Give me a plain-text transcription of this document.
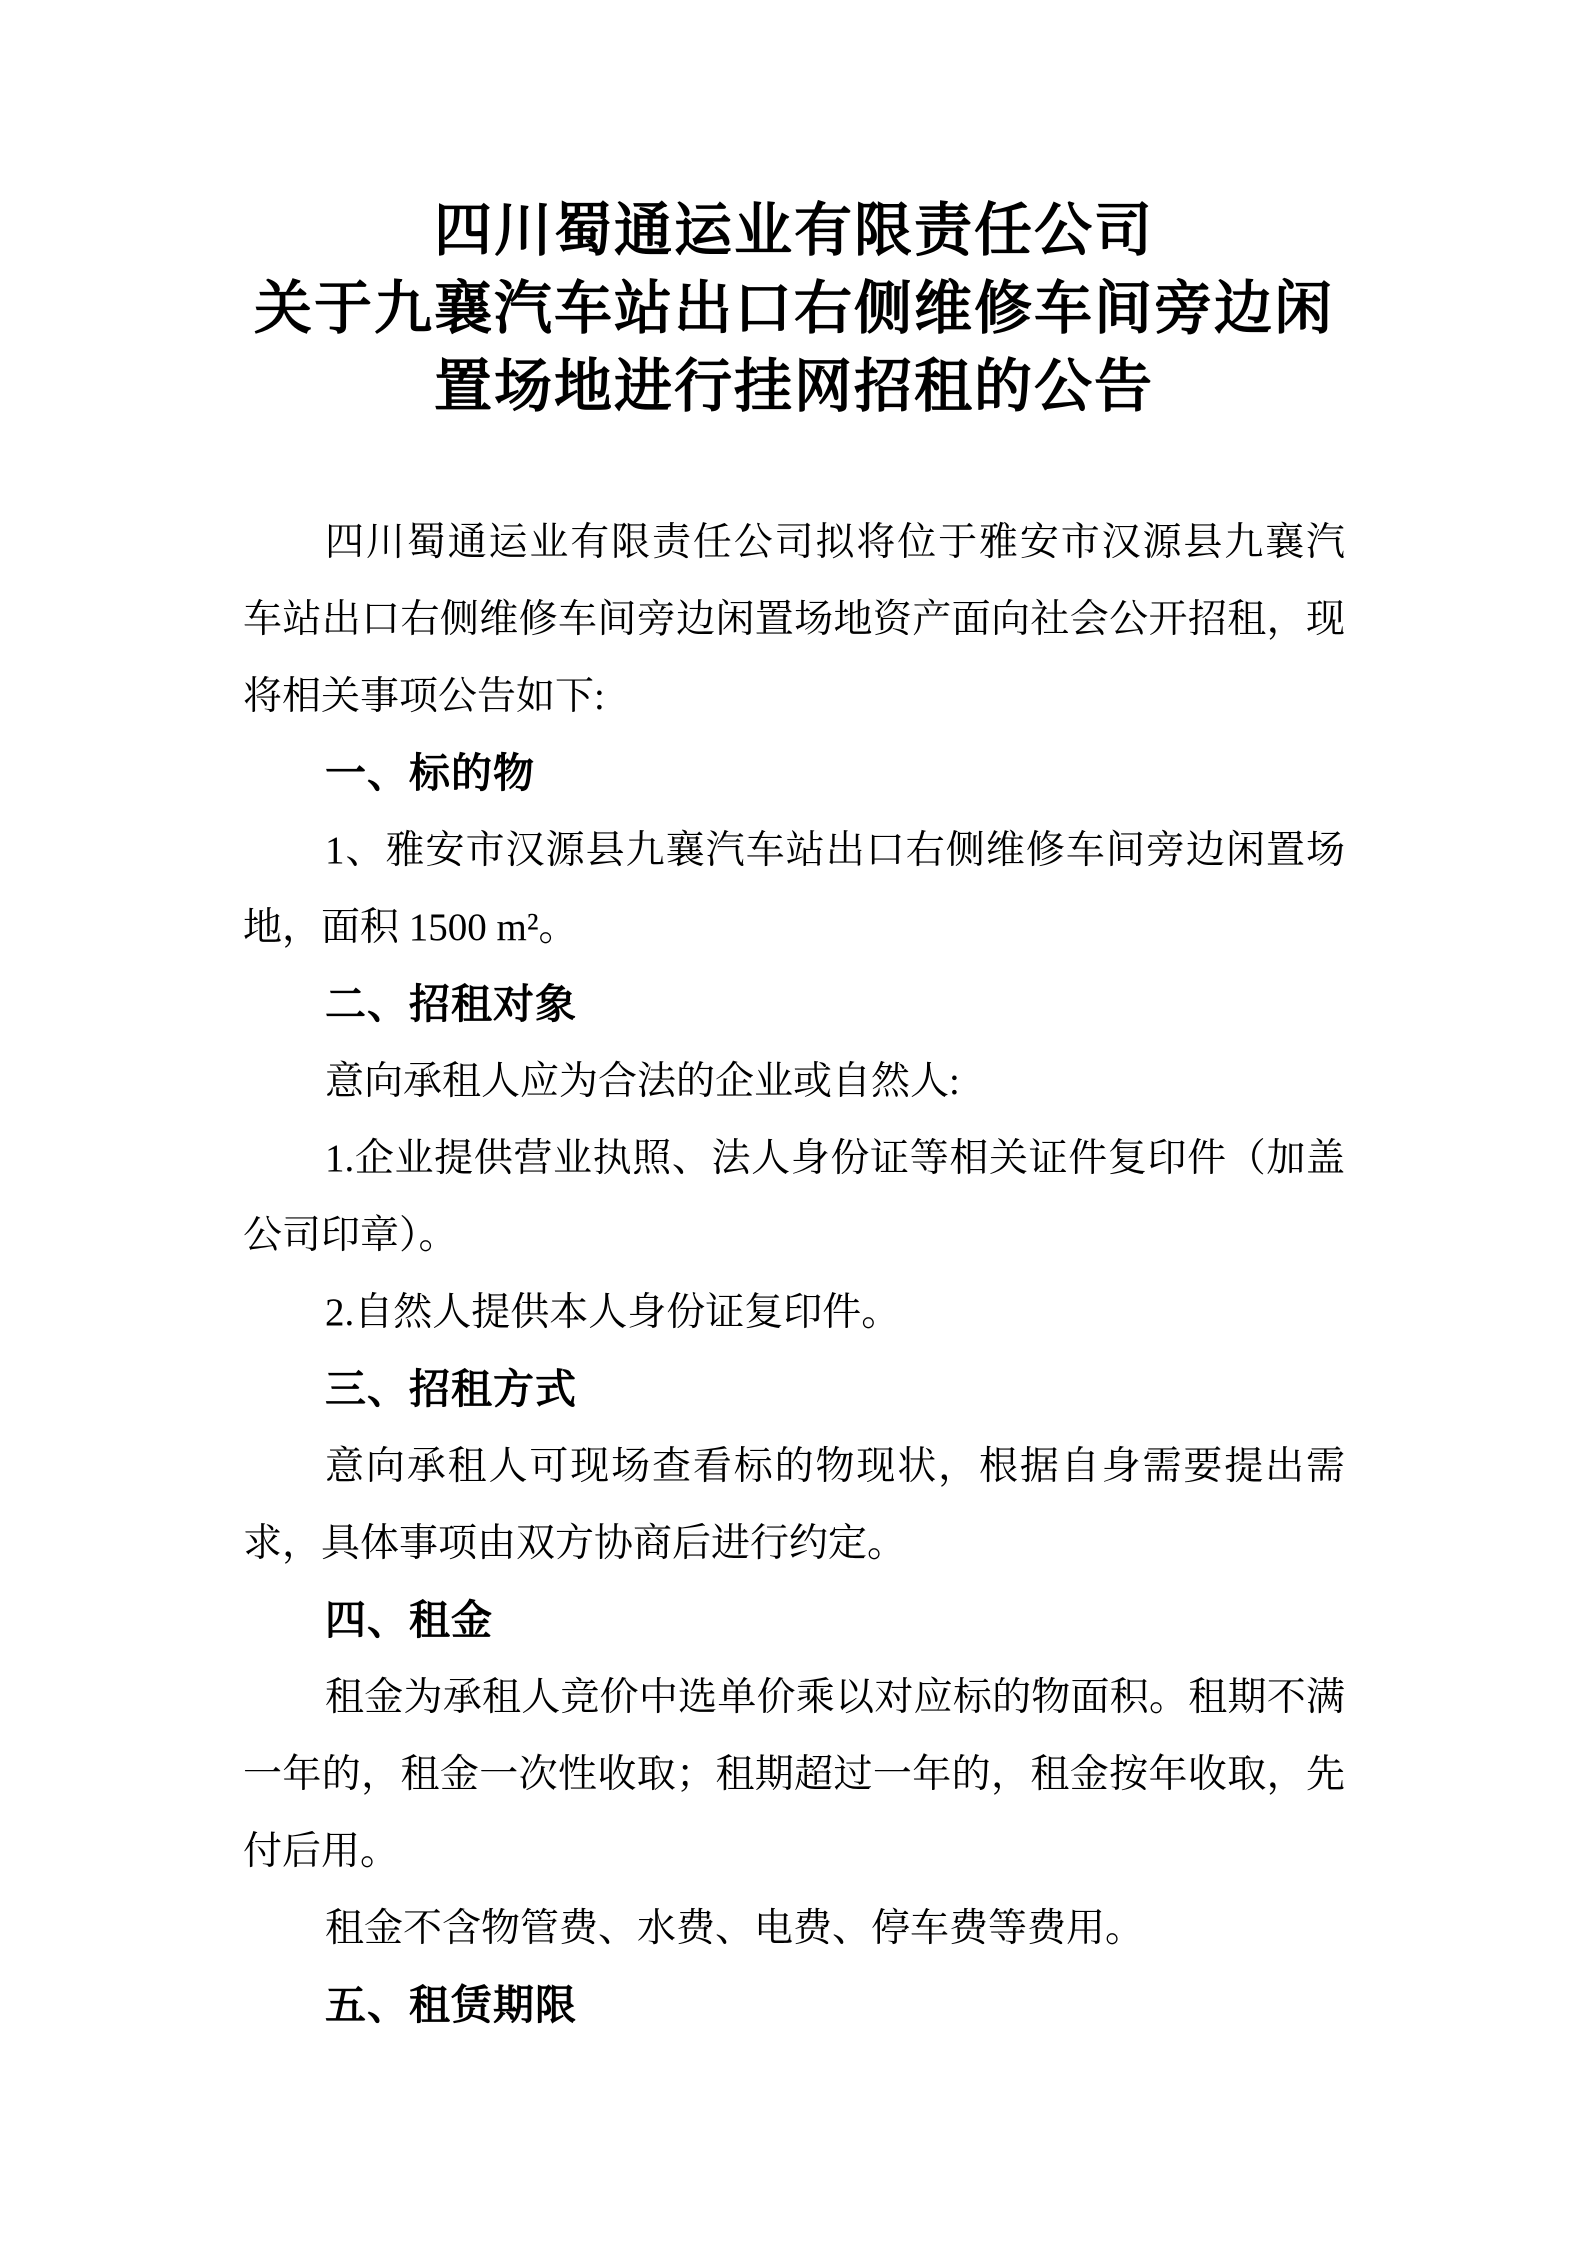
四川蜀通运业有限责任公司
关于九襄汽车站出口右侧维修车间旁边闲
置场地进行挂网招租的公告
四川蜀通运业有限责任公司拟将位于雅安市汉源县九襄汽
车站出口右侧维修车间旁边闲置场地资产面向社会公开招租，现
将相关事项公告如下:
一、标的物
1、雅安市汉源县九襄汽车站出口右侧维修车间旁边闲置场
地，面积 1500 m²。
二、招租对象
意向承租人应为合法的企业或自然人:
1.企业提供营业执照、法人身份证等相关证件复印件（加盖
公司印章）。
2.自然人提供本人身份证复印件。
三、招租方式
意向承租人可现场查看标的物现状，根据自身需要提出需
求，具体事项由双方协商后进行约定。
四、租金
租金为承租人竞价中选单价乘以对应标的物面积。租期不满
一年的，租金一次性收取；租期超过一年的，租金按年收取，先
付后用。
租金不含物管费、水费、电费、停车费等费用。
五、租赁期限
